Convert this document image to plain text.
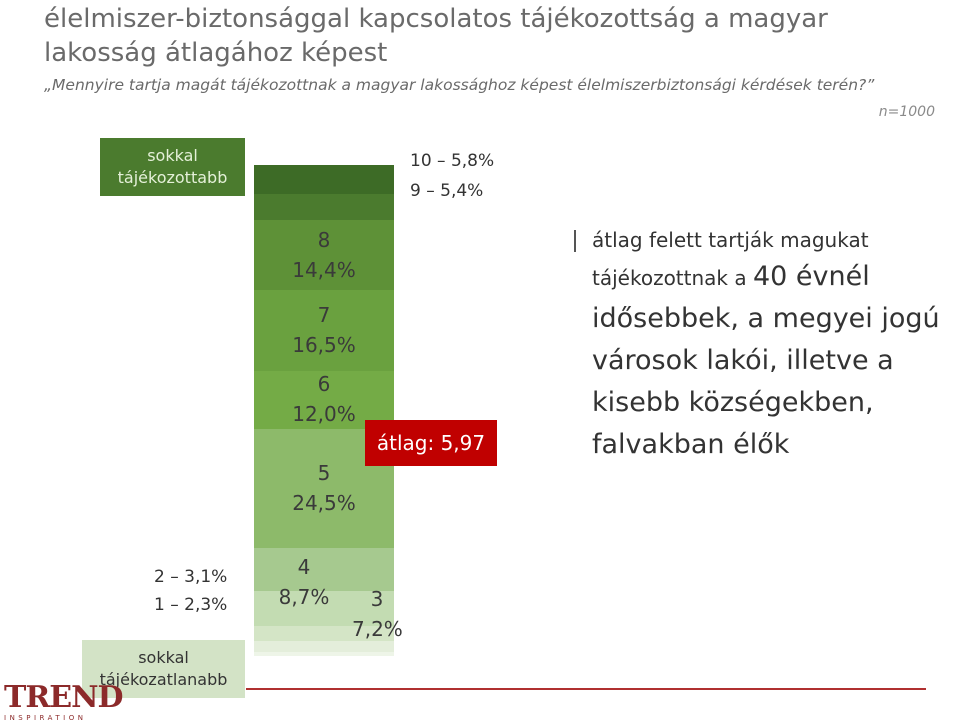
élelmiszer-biztonsággal kapcsolatos tájékozottság a magyar lakosság átlagához képest
„Mennyire tartja magát tájékozottnak a magyar lakossághoz képest élelmiszerbiztonsági kérdések terén?”
n=1000
sokkal
tájékozottabb
sokkal
tájékozatlanabb
3
7,2%
4
8,7%
5
24,5%
6
12,0%
7
16,5%
8
14,4%
10 – 5,8%
9 – 5,4%
2 – 3,1%
1 – 2,3%
átlag: 5,97
átlag felett tartják magukat
tájékozottnak a 40 évnél
idősebbek, a megyei jogú
városok lakói, illetve a
kisebb községekben,
falvakban élők
TREND
INSPIRATION
